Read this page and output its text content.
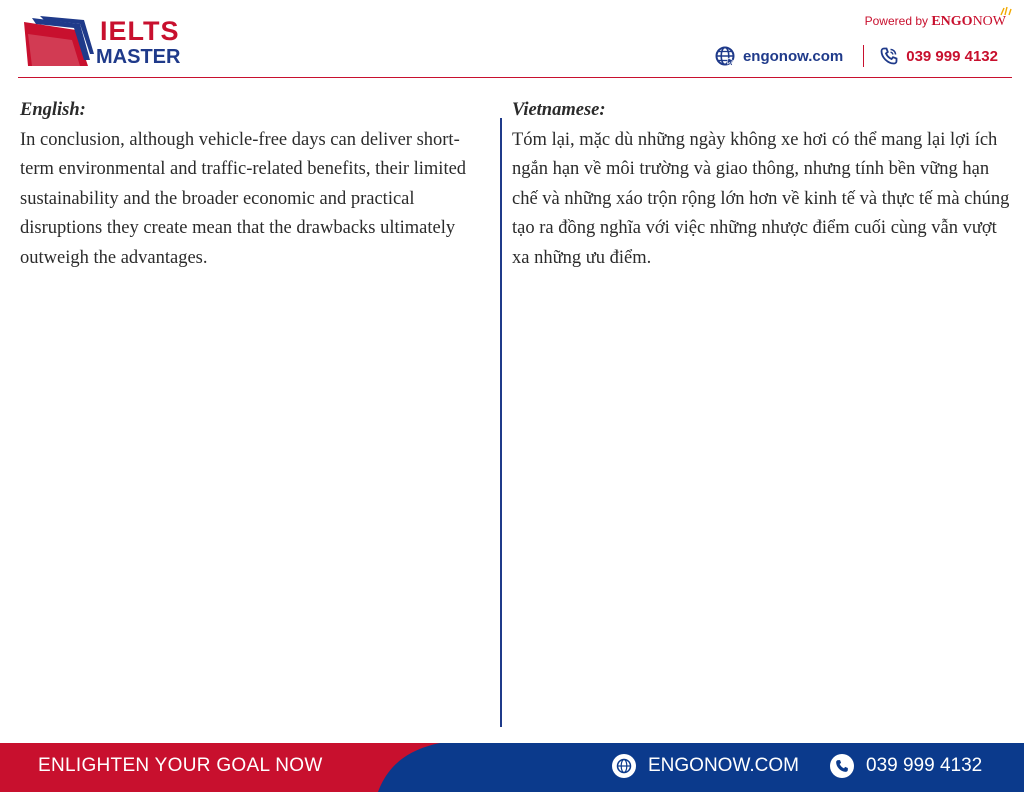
IELTS
MASTER
Powered by ENGONOW
engonow.com	039 999 4132
English:
In conclusion, although vehicle-free days can deliver short-term environmental and traffic-related benefits, their limited sustainability and the broader economic and practical disruptions they create mean that the drawbacks ultimately outweigh the advantages.
Vietnamese:
Tóm lại, mặc dù những ngày không xe hơi có thể mang lại lợi ích ngắn hạn về môi trường và giao thông, nhưng tính bền vững hạn chế và những xáo trộn rộng lớn hơn về kinh tế và thực tế mà chúng tạo ra đồng nghĩa với việc những nhược điểm cuối cùng vẫn vượt xa những ưu điểm.
ENLIGHTEN YOUR GOAL NOW	ENGONOW.COM	039 999 4132
